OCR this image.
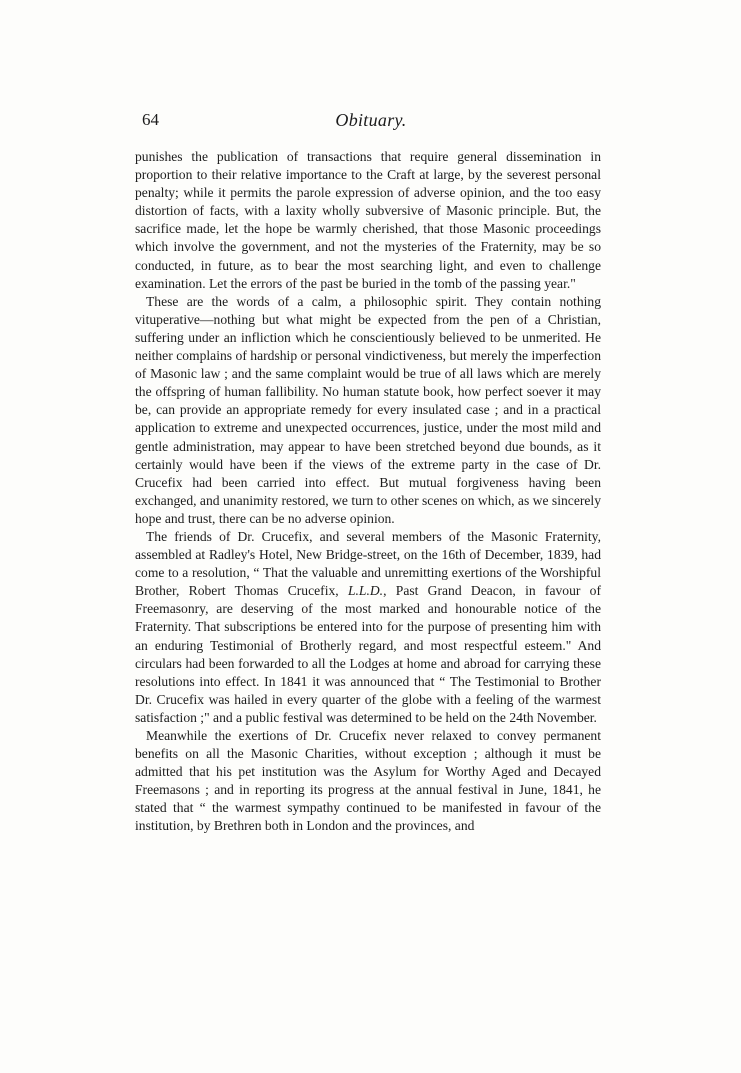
64	Obituary.

punishes the publication of transactions that require general dissemination in proportion to their relative importance to the Craft at large, by the severest personal penalty; while it permits the parole expression of adverse opinion, and the too easy distortion of facts, with a laxity wholly subversive of Masonic principle. But, the sacrifice made, let the hope be warmly cherished, that those Masonic proceedings which involve the government, and not the mysteries of the Fraternity, may be so conducted, in future, as to bear the most searching light, and even to challenge examination. Let the errors of the past be buried in the tomb of the passing year."

These are the words of a calm, a philosophic spirit. They contain nothing vituperative—nothing but what might be expected from the pen of a Christian, suffering under an infliction which he conscientiously believed to be unmerited. He neither complains of hardship or personal vindictiveness, but merely the imperfection of Masonic law ; and the same complaint would be true of all laws which are merely the offspring of human fallibility. No human statute book, how perfect soever it may be, can provide an appropriate remedy for every insulated case ; and in a practical application to extreme and unexpected occurrences, justice, under the most mild and gentle administration, may appear to have been stretched beyond due bounds, as it certainly would have been if the views of the extreme party in the case of Dr. Crucefix had been carried into effect. But mutual forgiveness having been exchanged, and unanimity restored, we turn to other scenes on which, as we sincerely hope and trust, there can be no adverse opinion.

The friends of Dr. Crucefix, and several members of the Masonic Fraternity, assembled at Radley's Hotel, New Bridge-street, on the 16th of December, 1839, had come to a resolution, “ That the valuable and unremitting exertions of the Worshipful Brother, Robert Thomas Crucefix, L.L.D., Past Grand Deacon, in favour of Freemasonry, are deserving of the most marked and honourable notice of the Fraternity. That subscriptions be entered into for the purpose of presenting him with an enduring Testimonial of Brotherly regard, and most respectful esteem." And circulars had been forwarded to all the Lodges at home and abroad for carrying these resolutions into effect. In 1841 it was announced that “ The Testimonial to Brother Dr. Crucefix was hailed in every quarter of the globe with a feeling of the warmest satisfaction ;" and a public festival was determined to be held on the 24th November.

Meanwhile the exertions of Dr. Crucefix never relaxed to convey permanent benefits on all the Masonic Charities, without exception ; although it must be admitted that his pet institution was the Asylum for Worthy Aged and Decayed Freemasons ; and in reporting its progress at the annual festival in June, 1841, he stated that “ the warmest sympathy continued to be manifested in favour of the institution, by Brethren both in London and the provinces, and
